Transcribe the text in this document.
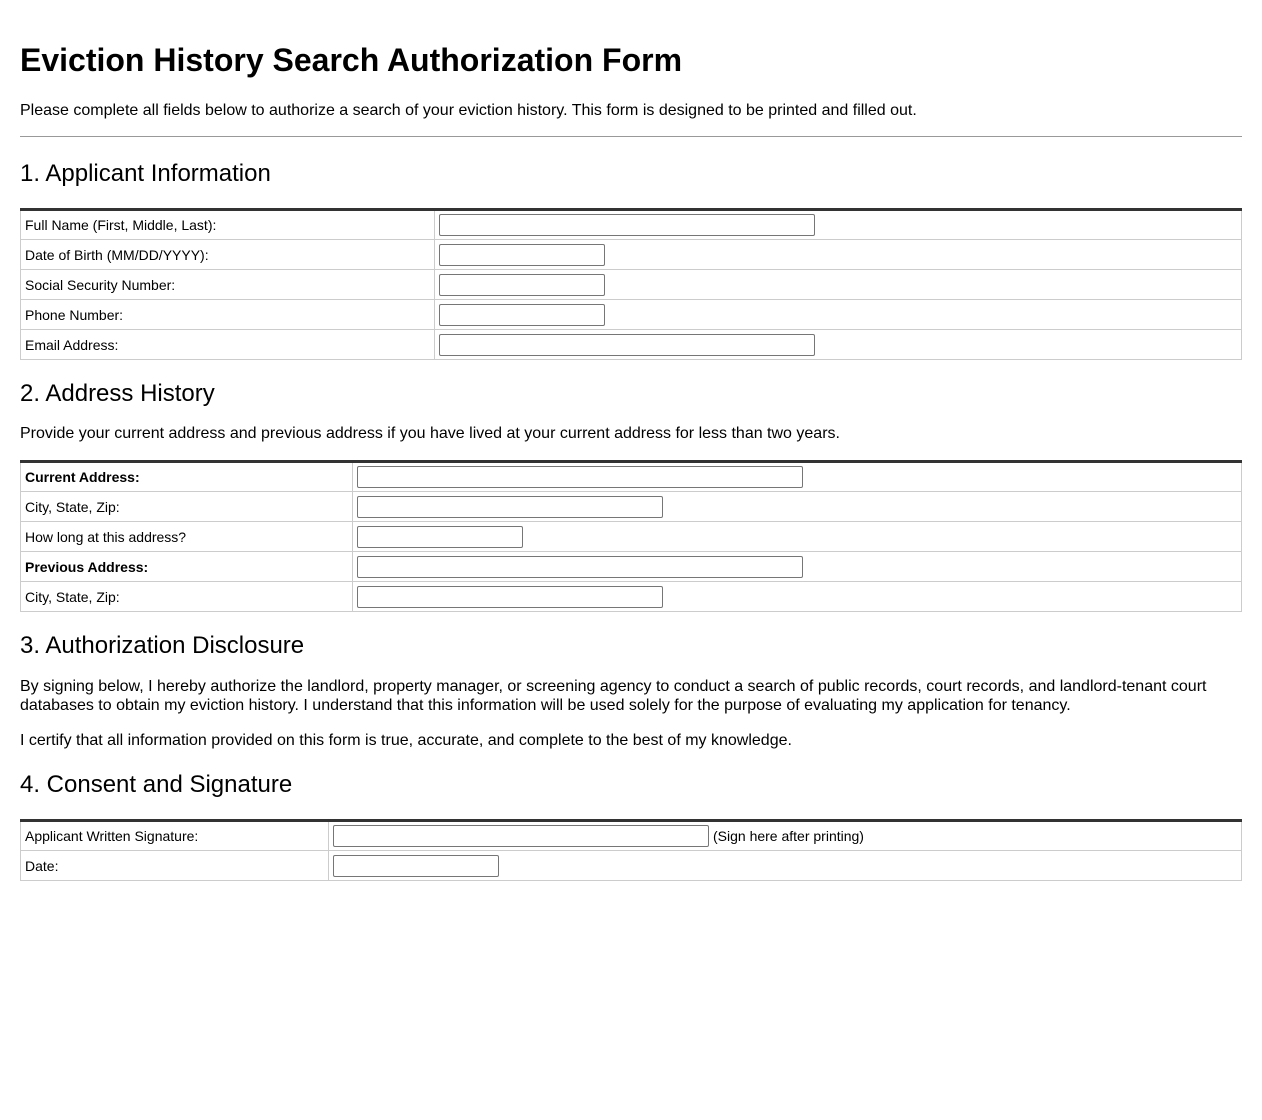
Eviction History Search Authorization Form

Please complete all fields below to authorize a search of your eviction history. This form is designed to be printed and filled out.

1. Applicant Information
Full Name (First, Middle, Last):	
Date of Birth (MM/DD/YYYY):	
Social Security Number:	
Phone Number:	
Email Address:	
2. Address History

Provide your current address and previous address if you have lived at your current address for less than two years.

Current Address:	
City, State, Zip:	
How long at this address?	
Previous Address:	
City, State, Zip:	
3. Authorization Disclosure

By signing below, I hereby authorize the landlord, property manager, or screening agency to conduct a search of public records, court records, and landlord-tenant court databases to obtain my eviction history. I understand that this information will be used solely for the purpose of evaluating my application for tenancy.

I certify that all information provided on this form is true, accurate, and complete to the best of my knowledge.

4. Consent and Signature
Applicant Written Signature:	(Sign here after printing)
Date:	
